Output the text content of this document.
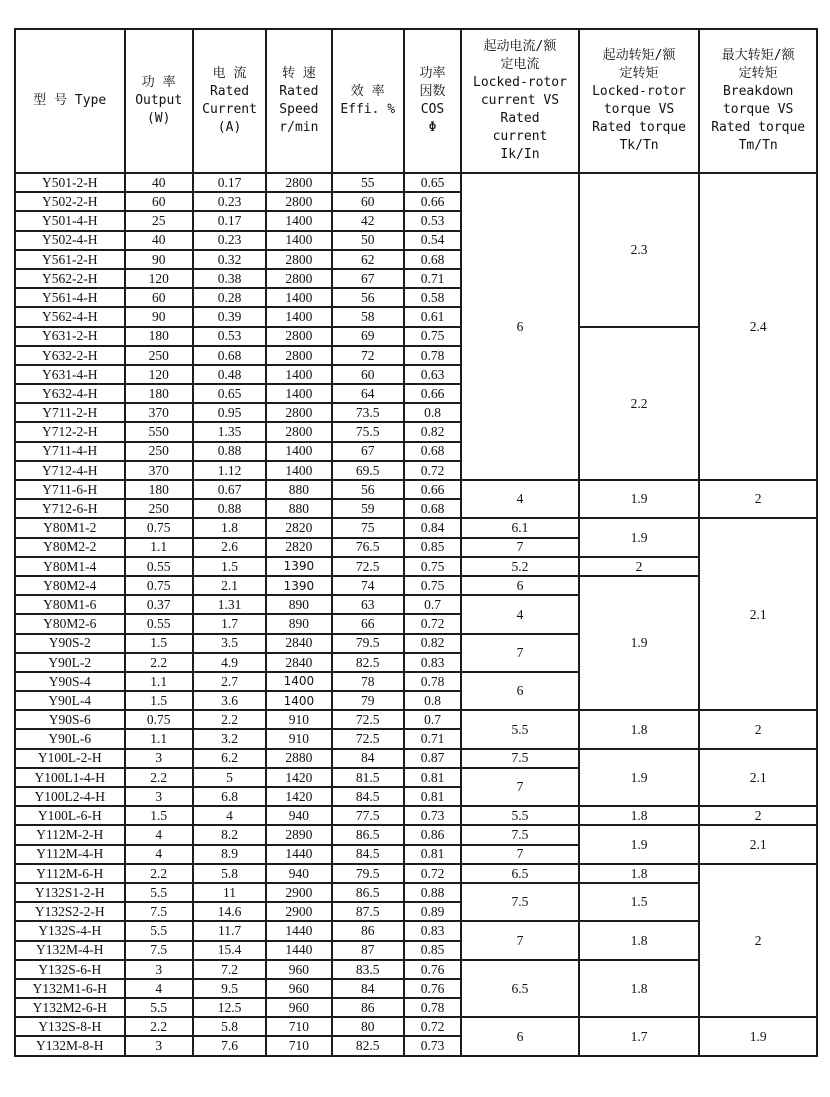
型 号 Type

功 率
Output
(W)

电 流
Rated
Current
(A)

转 速
Rated
Speed
r/min

效 率
Effi. %

功率
因数
COS
Φ

起动电流/额
定电流
Locked-rotor
current VS
Rated
current
Ik/In

起动转矩/额
定转矩
Locked-rotor
torque VS
Rated torque
Tk/Tn

最大转矩/额
定转矩
Breakdown
torque VS
Rated torque
Tm/Tn

Y501-2-H	40	0.17	2800	55	0.65	6	2.3	2.4
Y502-2-H	60	0.23	2800	60	0.66			
Y501-4-H	25	0.17	1400	42	0.53			
Y502-4-H	40	0.23	1400	50	0.54			
Y561-2-H	90	0.32	2800	62	0.68			
Y562-2-H	120	0.38	2800	67	0.71			
Y561-4-H	60	0.28	1400	56	0.58			
Y562-4-H	90	0.39	1400	58	0.61			
Y631-2-H	180	0.53	2800	69	0.75		2.2	
Y632-2-H	250	0.68	2800	72	0.78			
Y631-4-H	120	0.48	1400	60	0.63			
Y632-4-H	180	0.65	1400	64	0.66			
Y711-2-H	370	0.95	2800	73.5	0.8			
Y712-2-H	550	1.35	2800	75.5	0.82			
Y711-4-H	250	0.88	1400	67	0.68			
Y712-4-H	370	1.12	1400	69.5	0.72			
Y711-6-H	180	0.67	880	56	0.66	4	1.9	2
Y712-6-H	250	0.88	880	59	0.68			
Y80M1-2	0.75	1.8	2820	75	0.84	6.1	1.9	2.1
Y80M2-2	1.1	2.6	2820	76.5	0.85	7		
Y80M1-4	0.55	1.5	1390	72.5	0.75	5.2	2	
Y80M2-4	0.75	2.1	1390	74	0.75	6	1.9	
Y80M1-6	0.37	1.31	890	63	0.7	4		
Y80M2-6	0.55	1.7	890	66	0.72			
Y90S-2	1.5	3.5	2840	79.5	0.82	7		
Y90L-2	2.2	4.9	2840	82.5	0.83			
Y90S-4	1.1	2.7	1400	78	0.78	6		
Y90L-4	1.5	3.6	1400	79	0.8			
Y90S-6	0.75	2.2	910	72.5	0.7	5.5	1.8	2
Y90L-6	1.1	3.2	910	72.5	0.71			
Y100L-2-H	3	6.2	2880	84	0.87	7.5	1.9	2.1
Y100L1-4-H	2.2	5	1420	81.5	0.81	7		
Y100L2-4-H	3	6.8	1420	84.5	0.81			
Y100L-6-H	1.5	4	940	77.5	0.73	5.5	1.8	2
Y112M-2-H	4	8.2	2890	86.5	0.86	7.5	1.9	2.1
Y112M-4-H	4	8.9	1440	84.5	0.81	7		
Y112M-6-H	2.2	5.8	940	79.5	0.72	6.5	1.8	2
Y132S1-2-H	5.5	11	2900	86.5	0.88	7.5	1.5	
Y132S2-2-H	7.5	14.6	2900	87.5	0.89			
Y132S-4-H	5.5	11.7	1440	86	0.83	7	1.8	
Y132M-4-H	7.5	15.4	1440	87	0.85			
Y132S-6-H	3	7.2	960	83.5	0.76	6.5	1.8	
Y132M1-6-H	4	9.5	960	84	0.76			
Y132M2-6-H	5.5	12.5	960	86	0.78			
Y132S-8-H	2.2	5.8	710	80	0.72	6	1.7	1.9
Y132M-8-H	3	7.6	710	82.5	0.73			
